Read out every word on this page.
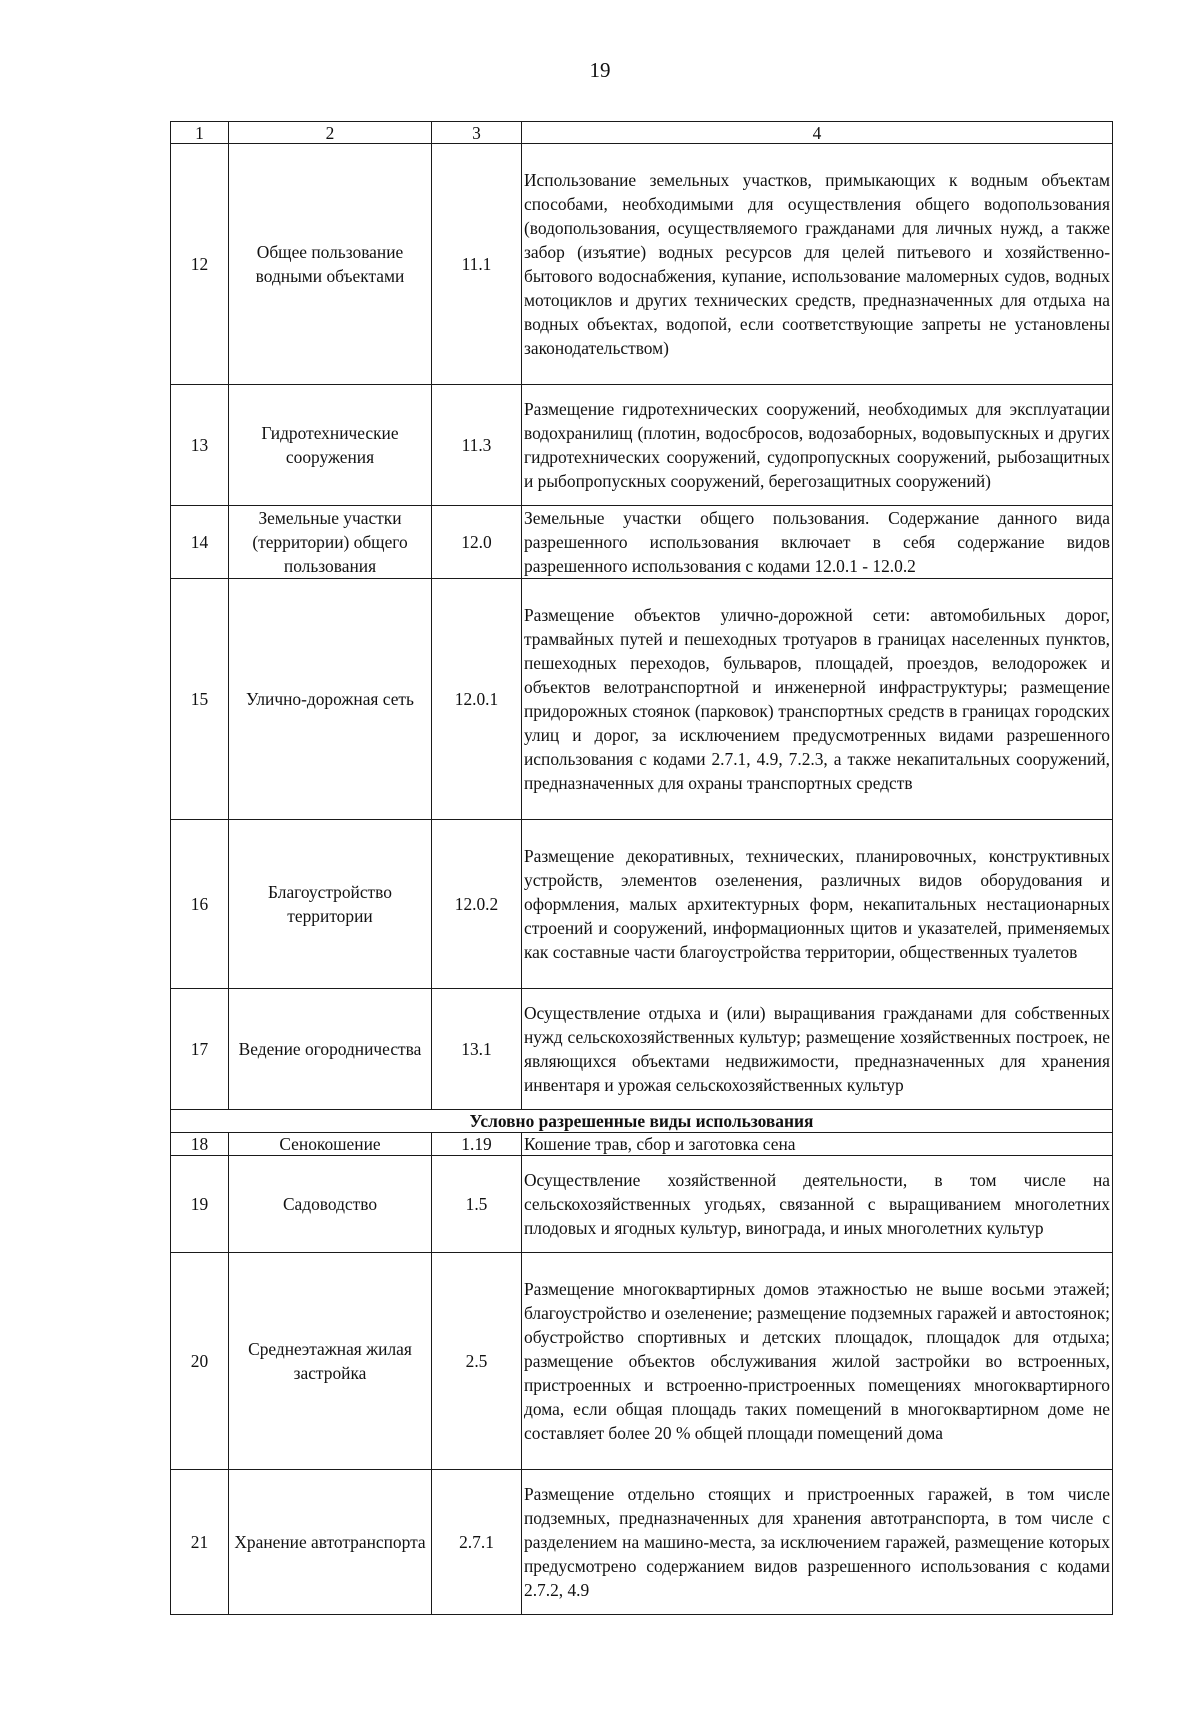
19
1	2	3	4
12	Общее пользование водными объектами	11.1	Использование земельных участков, примыкающих к водным объектам способами, необходимыми для осуществления общего водопользования (водопользования, осуществляемого гражданами для личных нужд, а также забор (изъятие) водных ресурсов для целей питьевого и хозяйственно-бытового водоснабжения, купание, использование маломерных судов, водных мотоциклов и других технических средств, предназначенных для отдыха на водных объектах, водопой, если соответствующие запреты не установлены законодательством)
13	Гидротехнические сооружения	11.3	Размещение гидротехнических сооружений, необходимых для эксплуатации водохранилищ (плотин, водосбросов, водозаборных, водовыпускных и других гидротехнических сооружений, судопропускных сооружений, рыбозащитных и рыбопропускных сооружений, берегозащитных сооружений)
14	Земельные участки (территории) общего пользования	12.0	Земельные участки общего пользования. Содержание данного вида разрешенного использования включает в себя содержание видов разрешенного использования с кодами 12.0.1 - 12.0.2
15	Улично-дорожная сеть	12.0.1	Размещение объектов улично-дорожной сети: автомобильных дорог, трамвайных путей и пешеходных тротуаров в границах населенных пунктов, пешеходных переходов, бульваров, площадей, проездов, велодорожек и объектов велотранспортной и инженерной инфраструктуры; размещение придорожных стоянок (парковок) транспортных средств в границах городских улиц и дорог, за исключением предусмотренных видами разрешенного использования с кодами 2.7.1, 4.9, 7.2.3, а также некапитальных сооружений, предназначенных для охраны транспортных средств
16	Благоустройство территории	12.0.2	Размещение декоративных, технических, планировочных, конструктивных устройств, элементов озеленения, различных видов оборудования и оформления, малых архитектурных форм, некапитальных нестационарных строений и сооружений, информационных щитов и указателей, применяемых как составные части благоустройства территории, общественных туалетов
17	Ведение огородничества	13.1	Осуществление отдыха и (или) выращивания гражданами для собственных нужд сельскохозяйственных культур; размещение хозяйственных построек, не являющихся объектами недвижимости, предназначенных для хранения инвентаря и урожая сельскохозяйственных культур
Условно разрешенные виды использования			
18	Сенокошение	1.19	Кошение трав, сбор и заготовка сена
19	Садоводство	1.5	Осуществление хозяйственной деятельности, в том числе на сельскохозяйственных угодьях, связанной с выращиванием многолетних плодовых и ягодных культур, винограда, и иных многолетних культур
20	Среднеэтажная жилая застройка	2.5	Размещение многоквартирных домов этажностью не выше восьми этажей; благоустройство и озеленение; размещение подземных гаражей и автостоянок; обустройство спортивных и детских площадок, площадок для отдыха; размещение объектов обслуживания жилой застройки во встроенных, пристроенных и встроенно-пристроенных помещениях многоквартирного дома, если общая площадь таких помещений в многоквартирном доме не составляет более 20 % общей площади помещений дома
21	Хранение автотранспорта	2.7.1	Размещение отдельно стоящих и пристроенных гаражей, в том числе подземных, предназначенных для хранения автотранспорта, в том числе с разделением на машино-места, за исключением гаражей, размещение которых предусмотрено содержанием видов разрешенного использования с кодами 2.7.2, 4.9
